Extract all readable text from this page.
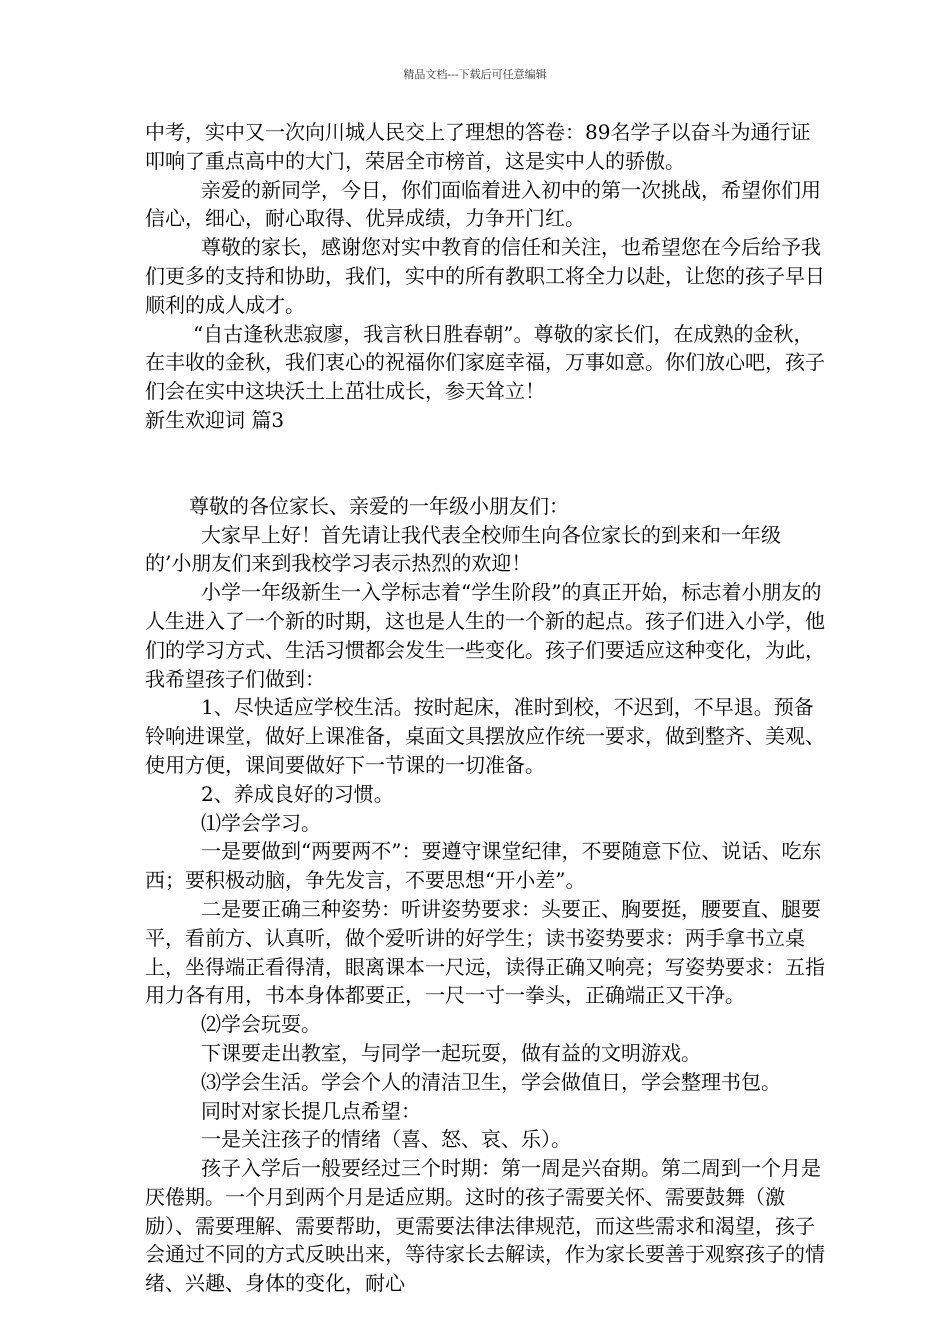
精品文档---下载后可任意编辑

中考，实中又一次向川城人民交上了理想的答卷：89名学子以奋斗为通行证叩响了重点高中的大门，荣居全市榜首，这是实中人的骄傲。

亲爱的新同学，今日，你们面临着进入初中的第一次挑战，希望你们用信心，细心，耐心取得、优异成绩，力争开门红。

尊敬的家长，感谢您对实中教育的信任和关注，也希望您在今后给予我们更多的支持和协助，我们，实中的所有教职工将全力以赴，让您的孩子早日顺利的成人成才。

“自古逢秋悲寂廖，我言秋日胜春朝”。尊敬的家长们，在成熟的金秋，在丰收的金秋，我们衷心的祝福你们家庭幸福，万事如意。你们放心吧，孩子们会在实中这块沃土上茁壮成长，参天耸立！

新生欢迎词 篇3

尊敬的各位家长、亲爱的一年级小朋友们：

大家早上好！首先请让我代表全校师生向各位家长的到来和一年级的’小朋友们来到我校学习表示热烈的欢迎！

小学一年级新生一入学标志着“学生阶段”的真正开始，标志着小朋友的人生进入了一个新的时期，这也是人生的一个新的起点。孩子们进入小学，他们的学习方式、生活习惯都会发生一些变化。孩子们要适应这种变化，为此，我希望孩子们做到：

1、尽快适应学校生活。按时起床，准时到校，不迟到，不早退。预备铃响进课堂，做好上课准备，桌面文具摆放应作统一要求，做到整齐、美观、使用方便，课间要做好下一节课的一切准备。

2、养成良好的习惯。

⑴学会学习。

一是要做到“两要两不”：要遵守课堂纪律，不要随意下位、说话、吃东西；要积极动脑，争先发言，不要思想“开小差”。

二是要正确三种姿势：听讲姿势要求：头要正、胸要挺，腰要直、腿要平，看前方、认真听，做个爱听讲的好学生；读书姿势要求：两手拿书立桌上，坐得端正看得清，眼离课本一尺远，读得正确又响亮；写姿势要求：五指用力各有用，书本身体都要正，一尺一寸一拳头，正确端正又干净。

⑵学会玩耍。

下课要走出教室，与同学一起玩耍，做有益的文明游戏。

⑶学会生活。学会个人的清洁卫生，学会做值日，学会整理书包。

同时对家长提几点希望：

一是关注孩子的情绪（喜、怒、哀、乐）。

孩子入学后一般要经过三个时期：第一周是兴奋期。第二周到一个月是厌倦期。一个月到两个月是适应期。这时的孩子需要关怀、需要鼓舞（激励）、需要理解、需要帮助，更需要法律法律规范，而这些需求和渴望，孩子会通过不同的方式反映出来，等待家长去解读，作为家长要善于观察孩子的情绪、兴趣、身体的变化，耐心
